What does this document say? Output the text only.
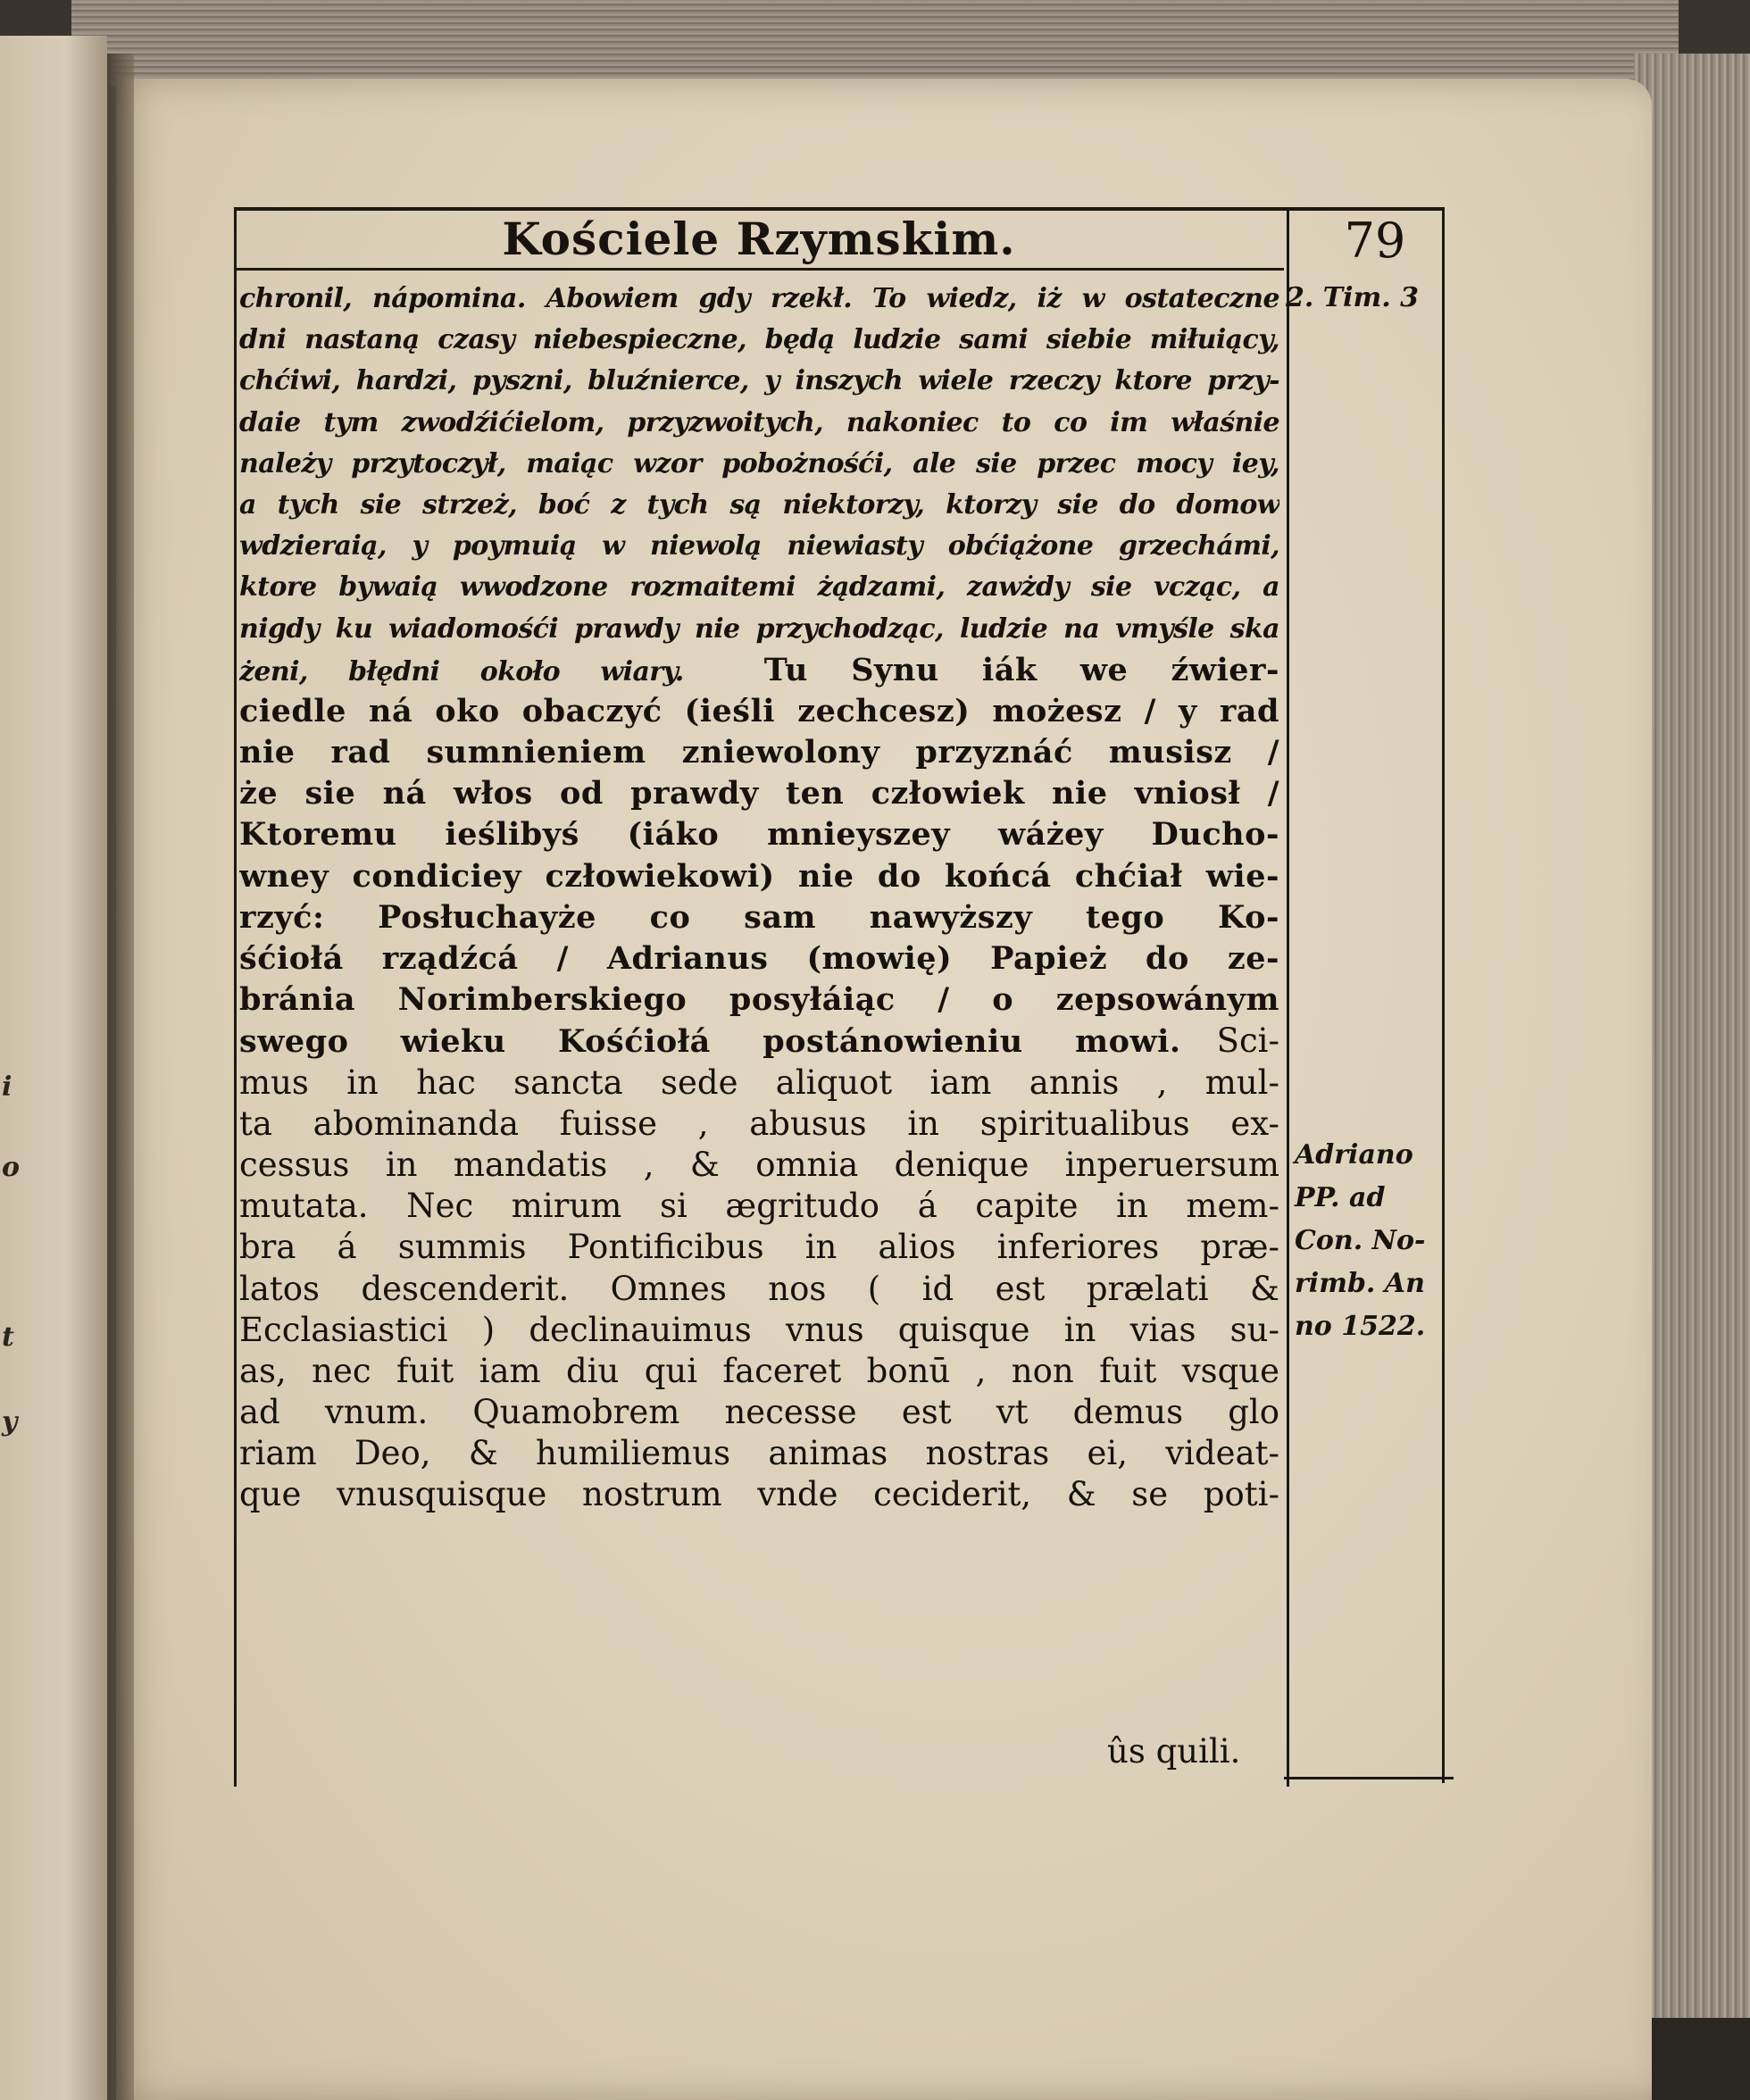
i
o
t
y
Kościele Rzymskim.	79
2. Tim. 3
Adriano
PP. ad
Con. No-
rimb. An
no 1522.
chronil, nápomina. Abowiem gdy rzekł. To wiedz, iż w ostateczne
dni nastaną czasy niebespieczne, będą ludzie sami siebie miłuiący,
chćiwi, hardzi, pyszni, bluźnierce, y inszych wiele rzeczy ktore przy-
daie tym zwodźićielom, przyzwoitych, nakoniec to co im właśnie
należy przytoczył, maiąc wzor pobożnośći, ale sie przec mocy iey,
a tych sie strzeż, boć z tych są niektorzy, ktorzy sie do domow
wdzieraią, y poymuią w niewolą niewiasty obćiążone grzechámi,
ktore bywaią wwodzone rozmaitemi żądzami, zawżdy sie vcząc, a
nigdy ku wiadomośći prawdy nie przychodząc, ludzie na vmyśle ska
żeni, błędni około wiary.	Tu Synu iák we źwier-
ciedle ná oko obaczyć (ieśli zechcesz) możesz / y rad
nie rad sumnieniem zniewolony przyznáć musisz /
że sie ná włos od prawdy ten człowiek nie vniosł /
Ktoremu ieślibyś (iáko mnieyszey wáżey Ducho-
wney condiciey człowiekowi) nie do końcá chćiał wie-
rzyć: Posłuchayże co sam nawyższy tego Ko-
śćiołá rządźcá / Adrianus (mowię) Papież do ze-
bránia Norimberskiego posyłáiąc / o zepsowánym
swego wieku Kośćiołá postánowieniu mowi. Sci-
mus in hac sancta sede aliquot iam annis , mul-
ta abominanda fuisse , abusus in spiritualibus ex-
cessus in mandatis , & omnia denique inperuersum
mutata. Nec mirum si ægritudo á capite in mem-
bra á summis Pontificibus in alios inferiores præ-
latos descenderit. Omnes nos ( id est prælati &
Ecclasiastici ) declinauimus vnus quisque in vias su-
as, nec fuit iam diu qui faceret bonū , non fuit vsque
ad vnum. Quamobrem necesse est vt demus glo
riam Deo, & humiliemus animas nostras ei, videat-
que vnusquisque nostrum vnde ceciderit, & se poti-
ûs quili.
